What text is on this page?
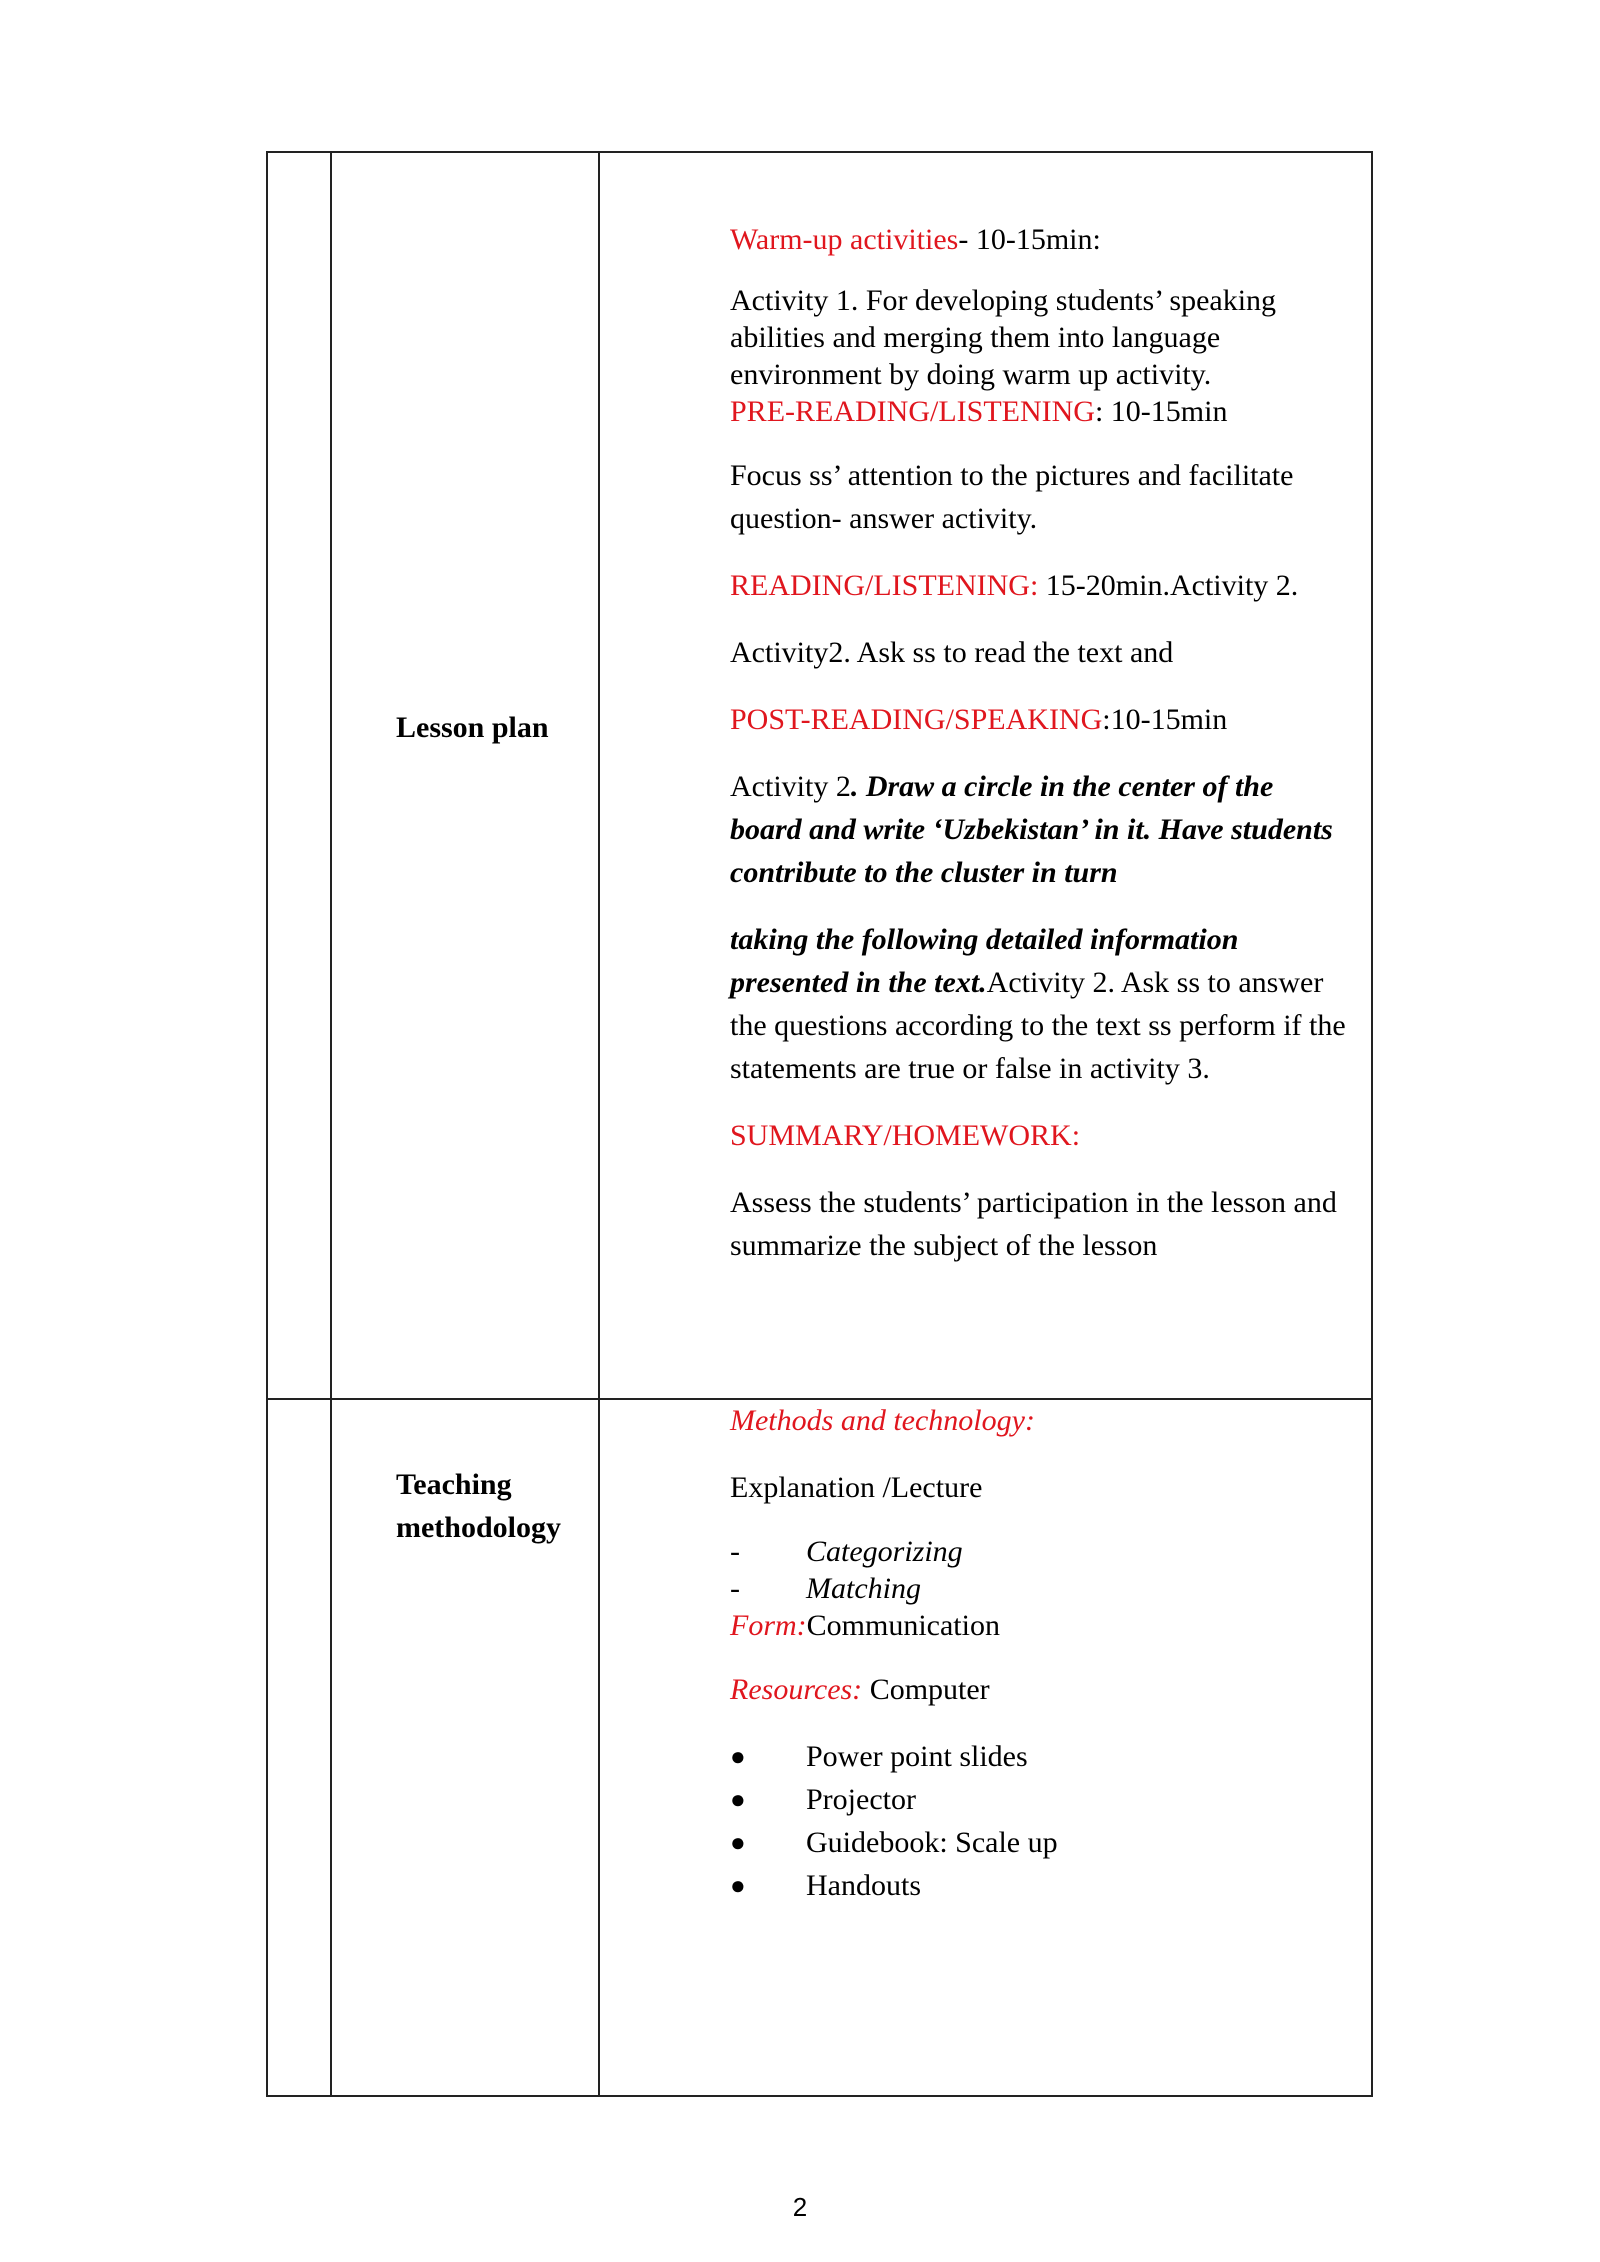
Lesson plan

Warm-up activities- 10-15min:

Activity 1. For developing students’ speaking abilities and merging them into language environment by doing warm up activity.
PRE-READING/LISTENING: 10-15min

Focus ss’ attention to the pictures and facilitate question- answer activity.

READING/LISTENING: 15-20min.Activity 2.

Activity2. Ask ss to read the text and

POST-READING/SPEAKING:10-15min

Activity 2. Draw a circle in the center of the board and write ‘Uzbekistan’ in it. Have students contribute to the cluster in turn

taking the following detailed information presented in the text.Activity 2. Ask ss to answer the questions according to the text ss perform if the statements are true or false in activity 3.

SUMMARY/HOMEWORK:

Assess the students’ participation in the lesson and summarize the subject of the lesson

Teaching
methodology

Methods and technology:

Explanation /Lecture

-	Categorizing
-	Matching

Form:Communication

Resources: Computer

●	Power point slides
●	Projector
●	Guidebook: Scale up
●	Handouts
2
